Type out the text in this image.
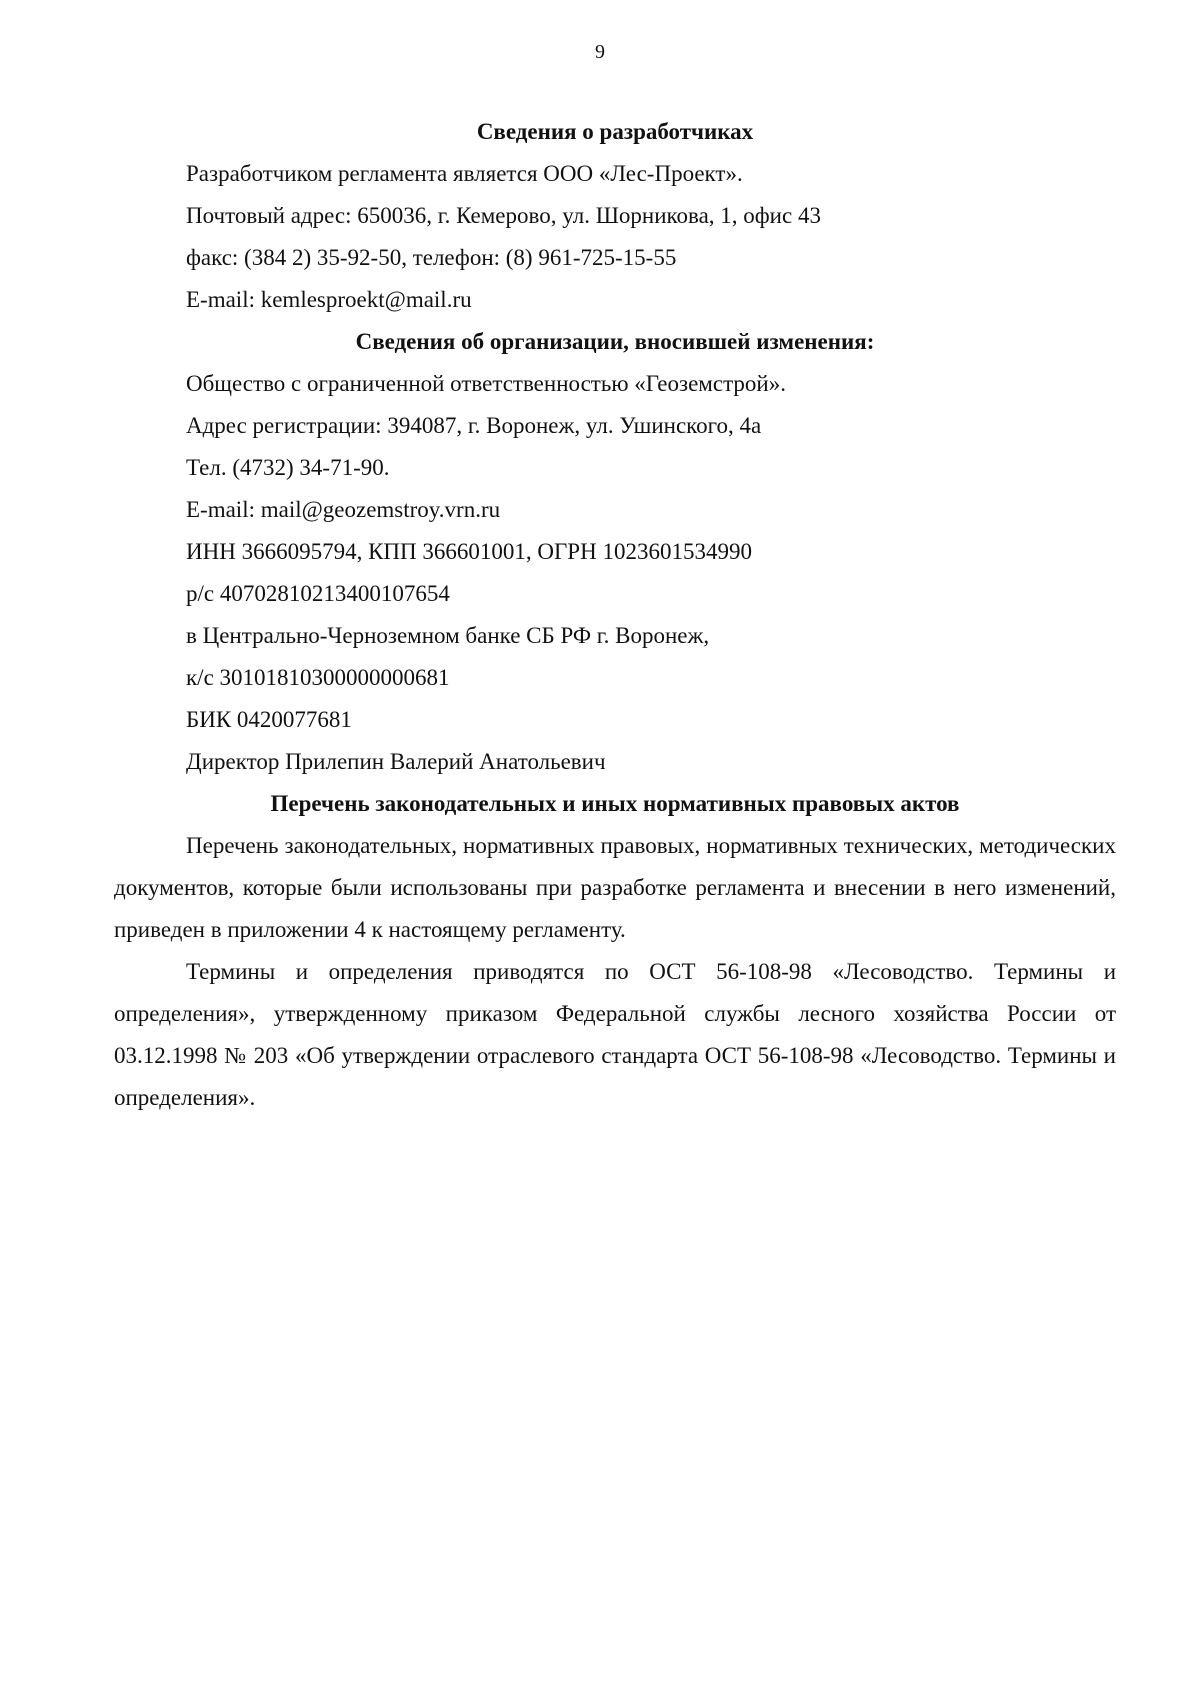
9

Сведения о разработчиках

Разработчиком регламента является ООО «Лес-Проект».

Почтовый адрес: 650036, г. Кемерово, ул. Шорникова, 1, офис 43

факс: (384 2) 35-92-50, телефон: (8) 961-725-15-55

E-mail: kemlesproekt@mail.ru

Сведения об организации, вносившей изменения:

Общество с ограниченной ответственностью «Геоземстрой».

Адрес регистрации: 394087, г. Воронеж, ул. Ушинского, 4а

Тел. (4732) 34-71-90.

E-mail: mail@geozemstroy.vrn.ru

ИНН 3666095794, КПП 366601001, ОГРН 1023601534990

р/с 40702810213400107654

в Центрально-Черноземном банке СБ РФ г. Воронеж,

к/с 30101810300000000681

БИК 0420077681

Директор Прилепин Валерий Анатольевич

Перечень законодательных и иных нормативных правовых актов

Перечень законодательных, нормативных правовых, нормативных технических, методических документов, которые были использованы при разработке регламента и внесении в него изменений, приведен в приложении 4 к настоящему регламенту.

Термины и определения приводятся по ОСТ 56-108-98 «Лесоводство. Термины и определения», утвержденному приказом Федеральной службы лесного хозяйства России от 03.12.1998 № 203 «Об утверждении отраслевого стандарта ОСТ 56-108-98 «Лесоводство. Термины и определения».
